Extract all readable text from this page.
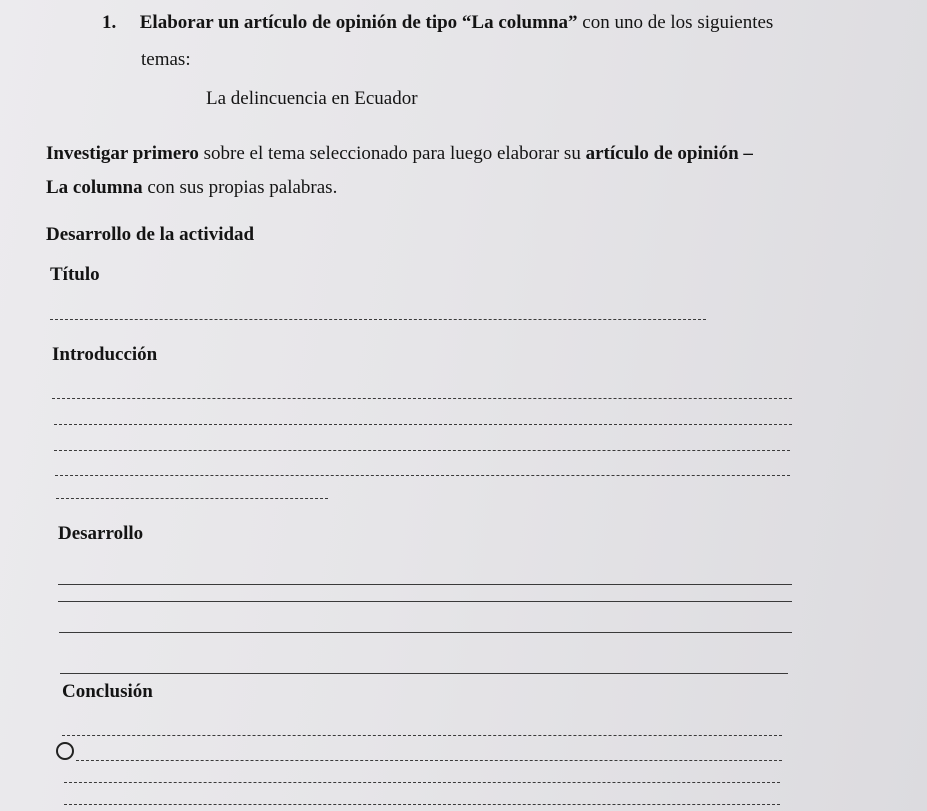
1. Elaborar un artículo de opinión de tipo “La columna” con uno de los siguientes
temas:
La delincuencia en Ecuador
Investigar primero sobre el tema seleccionado para luego elaborar su artículo de opinión –
La columna con sus propias palabras.
Desarrollo de la actividad
Título
Introducción
Desarrollo
Conclusión
